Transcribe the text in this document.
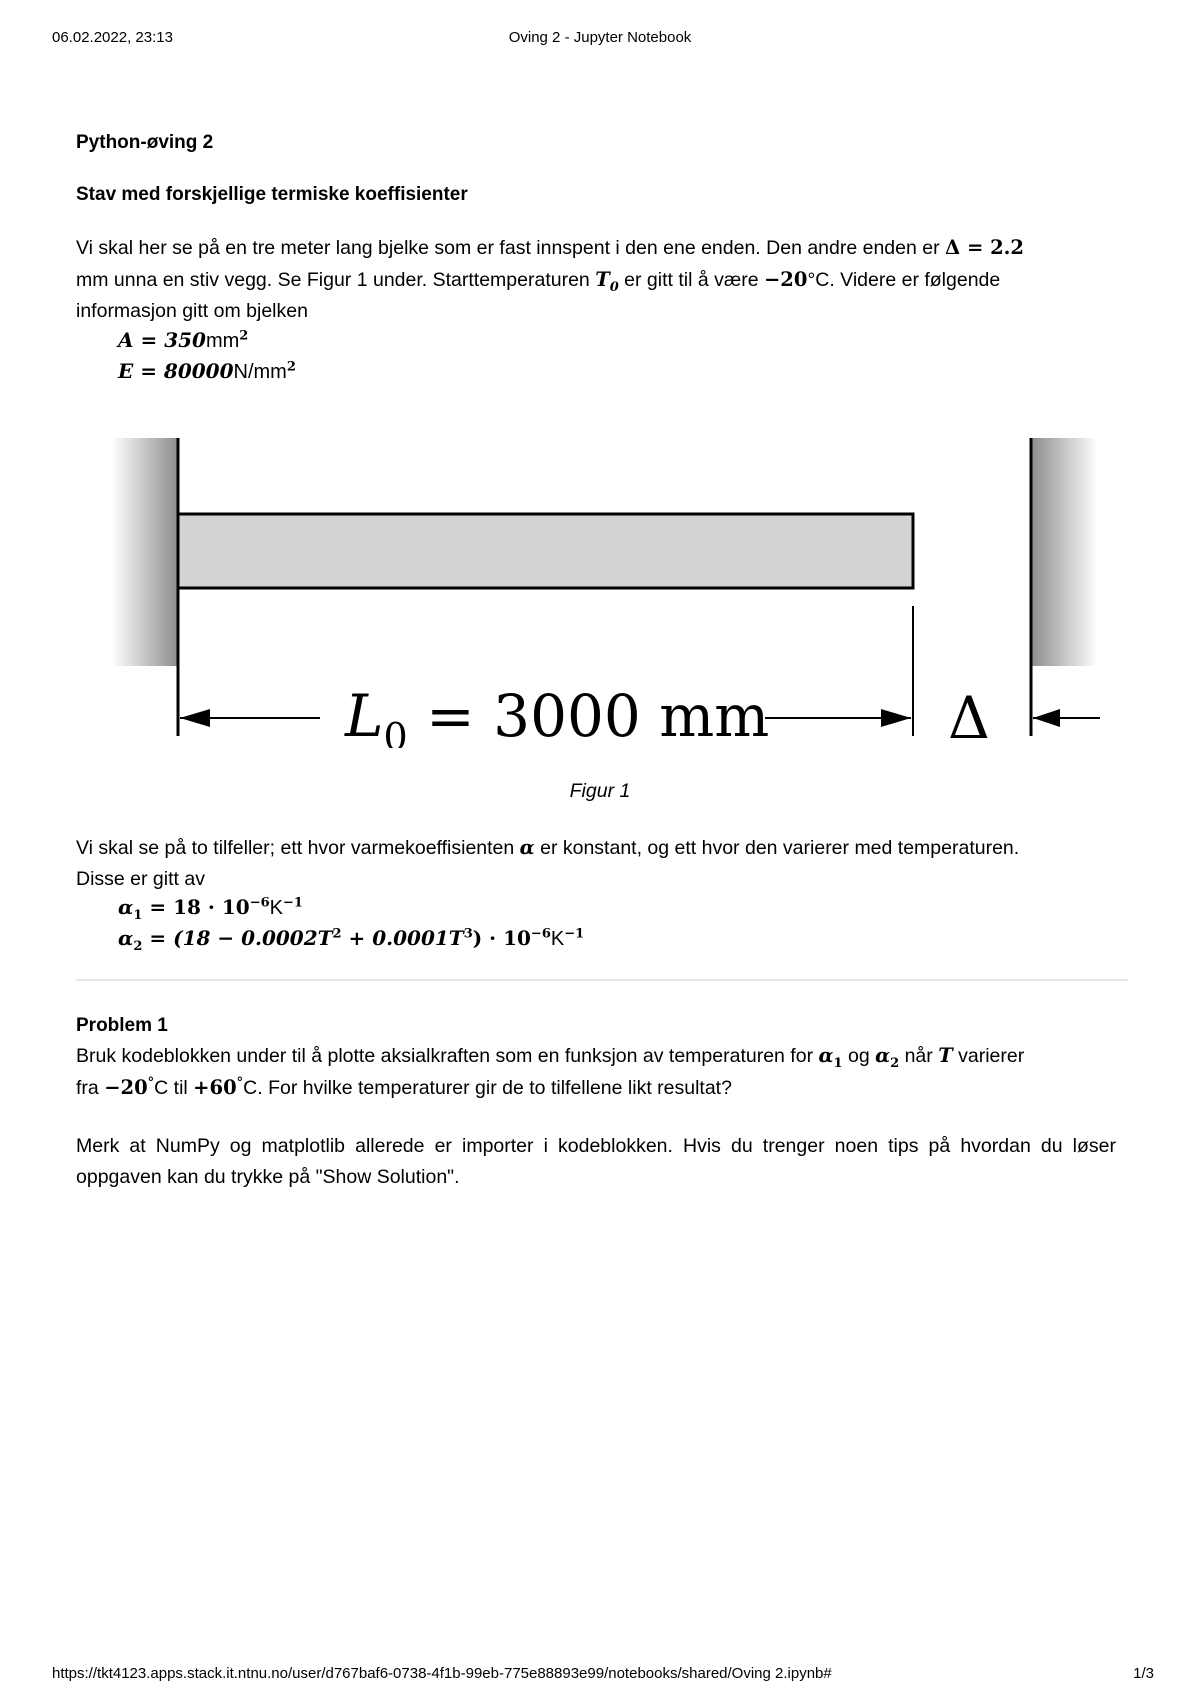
06.02.2022, 23:13	Oving 2 - Jupyter Notebook
Python-øving 2
Stav med forskjellige termiske koeffisienter
Vi skal her se på en tre meter lang bjelke som er fast innspent i den ene enden. Den andre enden er Δ = 2.2
mm unna en stiv vegg. Se Figur 1 under. Starttemperaturen $T_0$ er gitt til å være −20°C. Videre er følgende
informasjon gitt om bjelken
$A = 350mm^2$
$E = 80000N/mm^2$
$L_0 = 3000$ mm	Δ
Figur 1
Vi skal se på to tilfeller; ett hvor varmekoeffisienten α er konstant, og ett hvor den varierer med temperaturen.
Disse er gitt av
$\alpha_1 = 18 \cdot 10^{-6}K^{-1}$
$\alpha_2 = (18 - 0.0002T^2 + 0.0001T^3) \cdot 10^{-6}K^{-1}$
Problem 1
Bruk kodeblokken under til å plotte aksialkraften som en funksjon av temperaturen for $\alpha_1$ og $\alpha_2$ når T varierer
fra −20°C til +60°C. For hvilke temperaturer gir de to tilfellene likt resultat?
Merk at NumPy og matplotlib allerede er importer i kodeblokken. Hvis du trenger noen tips på hvordan du løser oppgaven kan du trykke på "Show Solution".
https://tkt4123.apps.stack.it.ntnu.no/user/d767baf6-0738-4f1b-99eb-775e88893e99/notebooks/shared/Oving 2.ipynb#	1/3
